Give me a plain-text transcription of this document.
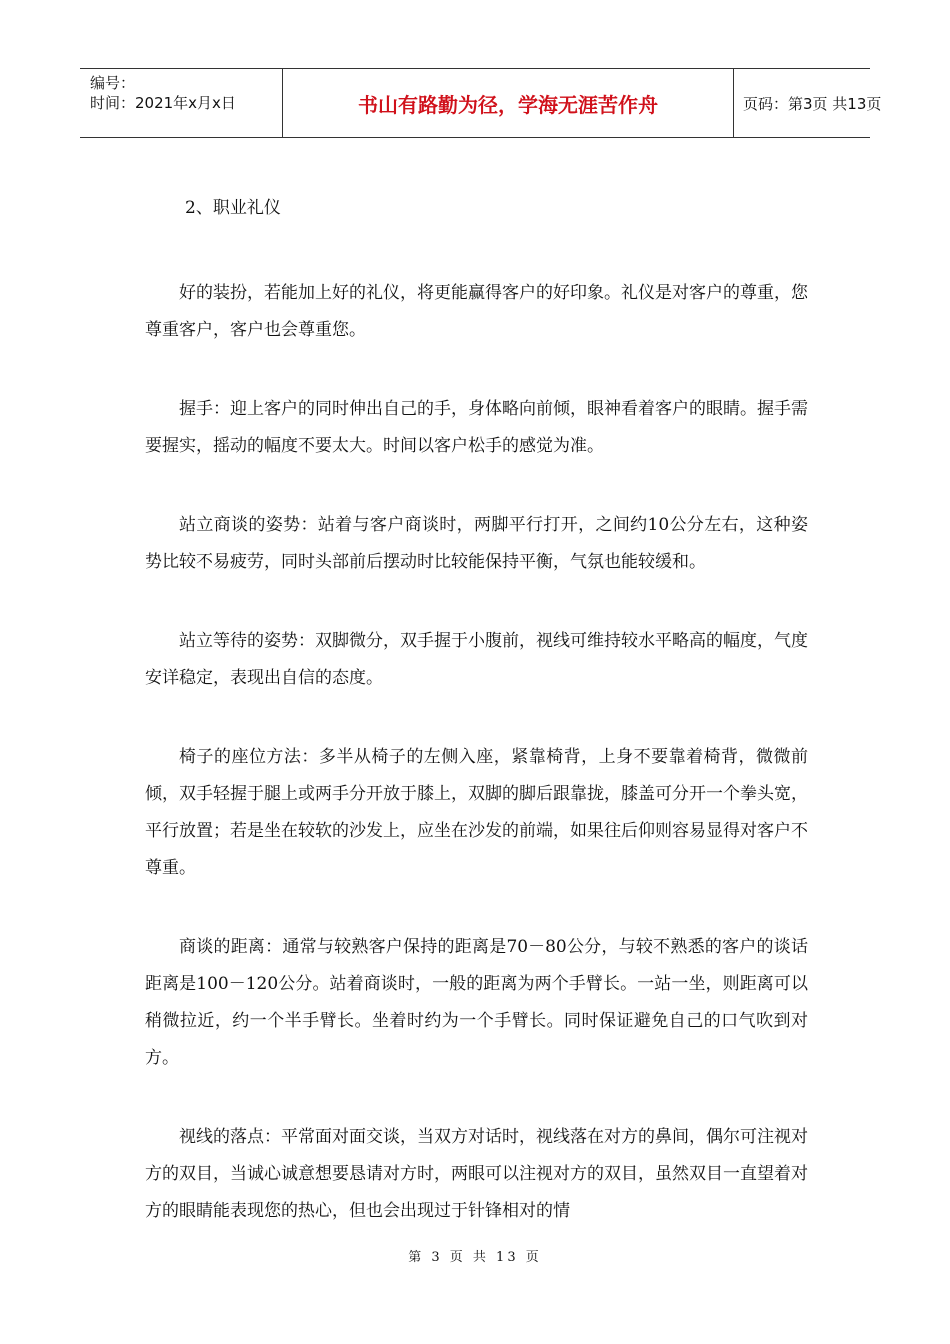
编号：
时间：2021年x月x日	书山有路勤为径，学海无涯苦作舟	页码：第3页 共13页
2、职业礼仪

好的装扮，若能加上好的礼仪，将更能赢得客户的好印象。礼仪是对客户的尊重，您尊重客户，客户也会尊重您。

握手：迎上客户的同时伸出自己的手，身体略向前倾，眼神看着客户的眼睛。握手需要握实，摇动的幅度不要太大。时间以客户松手的感觉为准。

站立商谈的姿势：站着与客户商谈时，两脚平行打开，之间约10公分左右，这种姿势比较不易疲劳，同时头部前后摆动时比较能保持平衡，气氛也能较缓和。

站立等待的姿势：双脚微分，双手握于小腹前，视线可维持较水平略高的幅度，气度安详稳定，表现出自信的态度。

椅子的座位方法：多半从椅子的左侧入座，紧靠椅背，上身不要靠着椅背，微微前倾，双手轻握于腿上或两手分开放于膝上，双脚的脚后跟靠拢，膝盖可分开一个拳头宽，平行放置；若是坐在较软的沙发上，应坐在沙发的前端，如果往后仰则容易显得对客户不尊重。

商谈的距离：通常与较熟客户保持的距离是70－80公分，与较不熟悉的客户的谈话距离是100－120公分。站着商谈时，一般的距离为两个手臂长。一站一坐，则距离可以稍微拉近，约一个半手臂长。坐着时约为一个手臂长。同时保证避免自己的口气吹到对方。

视线的落点：平常面对面交谈，当双方对话时，视线落在对方的鼻间，偶尔可注视对方的双目，当诚心诚意想要恳请对方时，两眼可以注视对方的双目，虽然双目一直望着对方的眼睛能表现您的热心，但也会出现过于针锋相对的情

第 3 页 共 13 页
